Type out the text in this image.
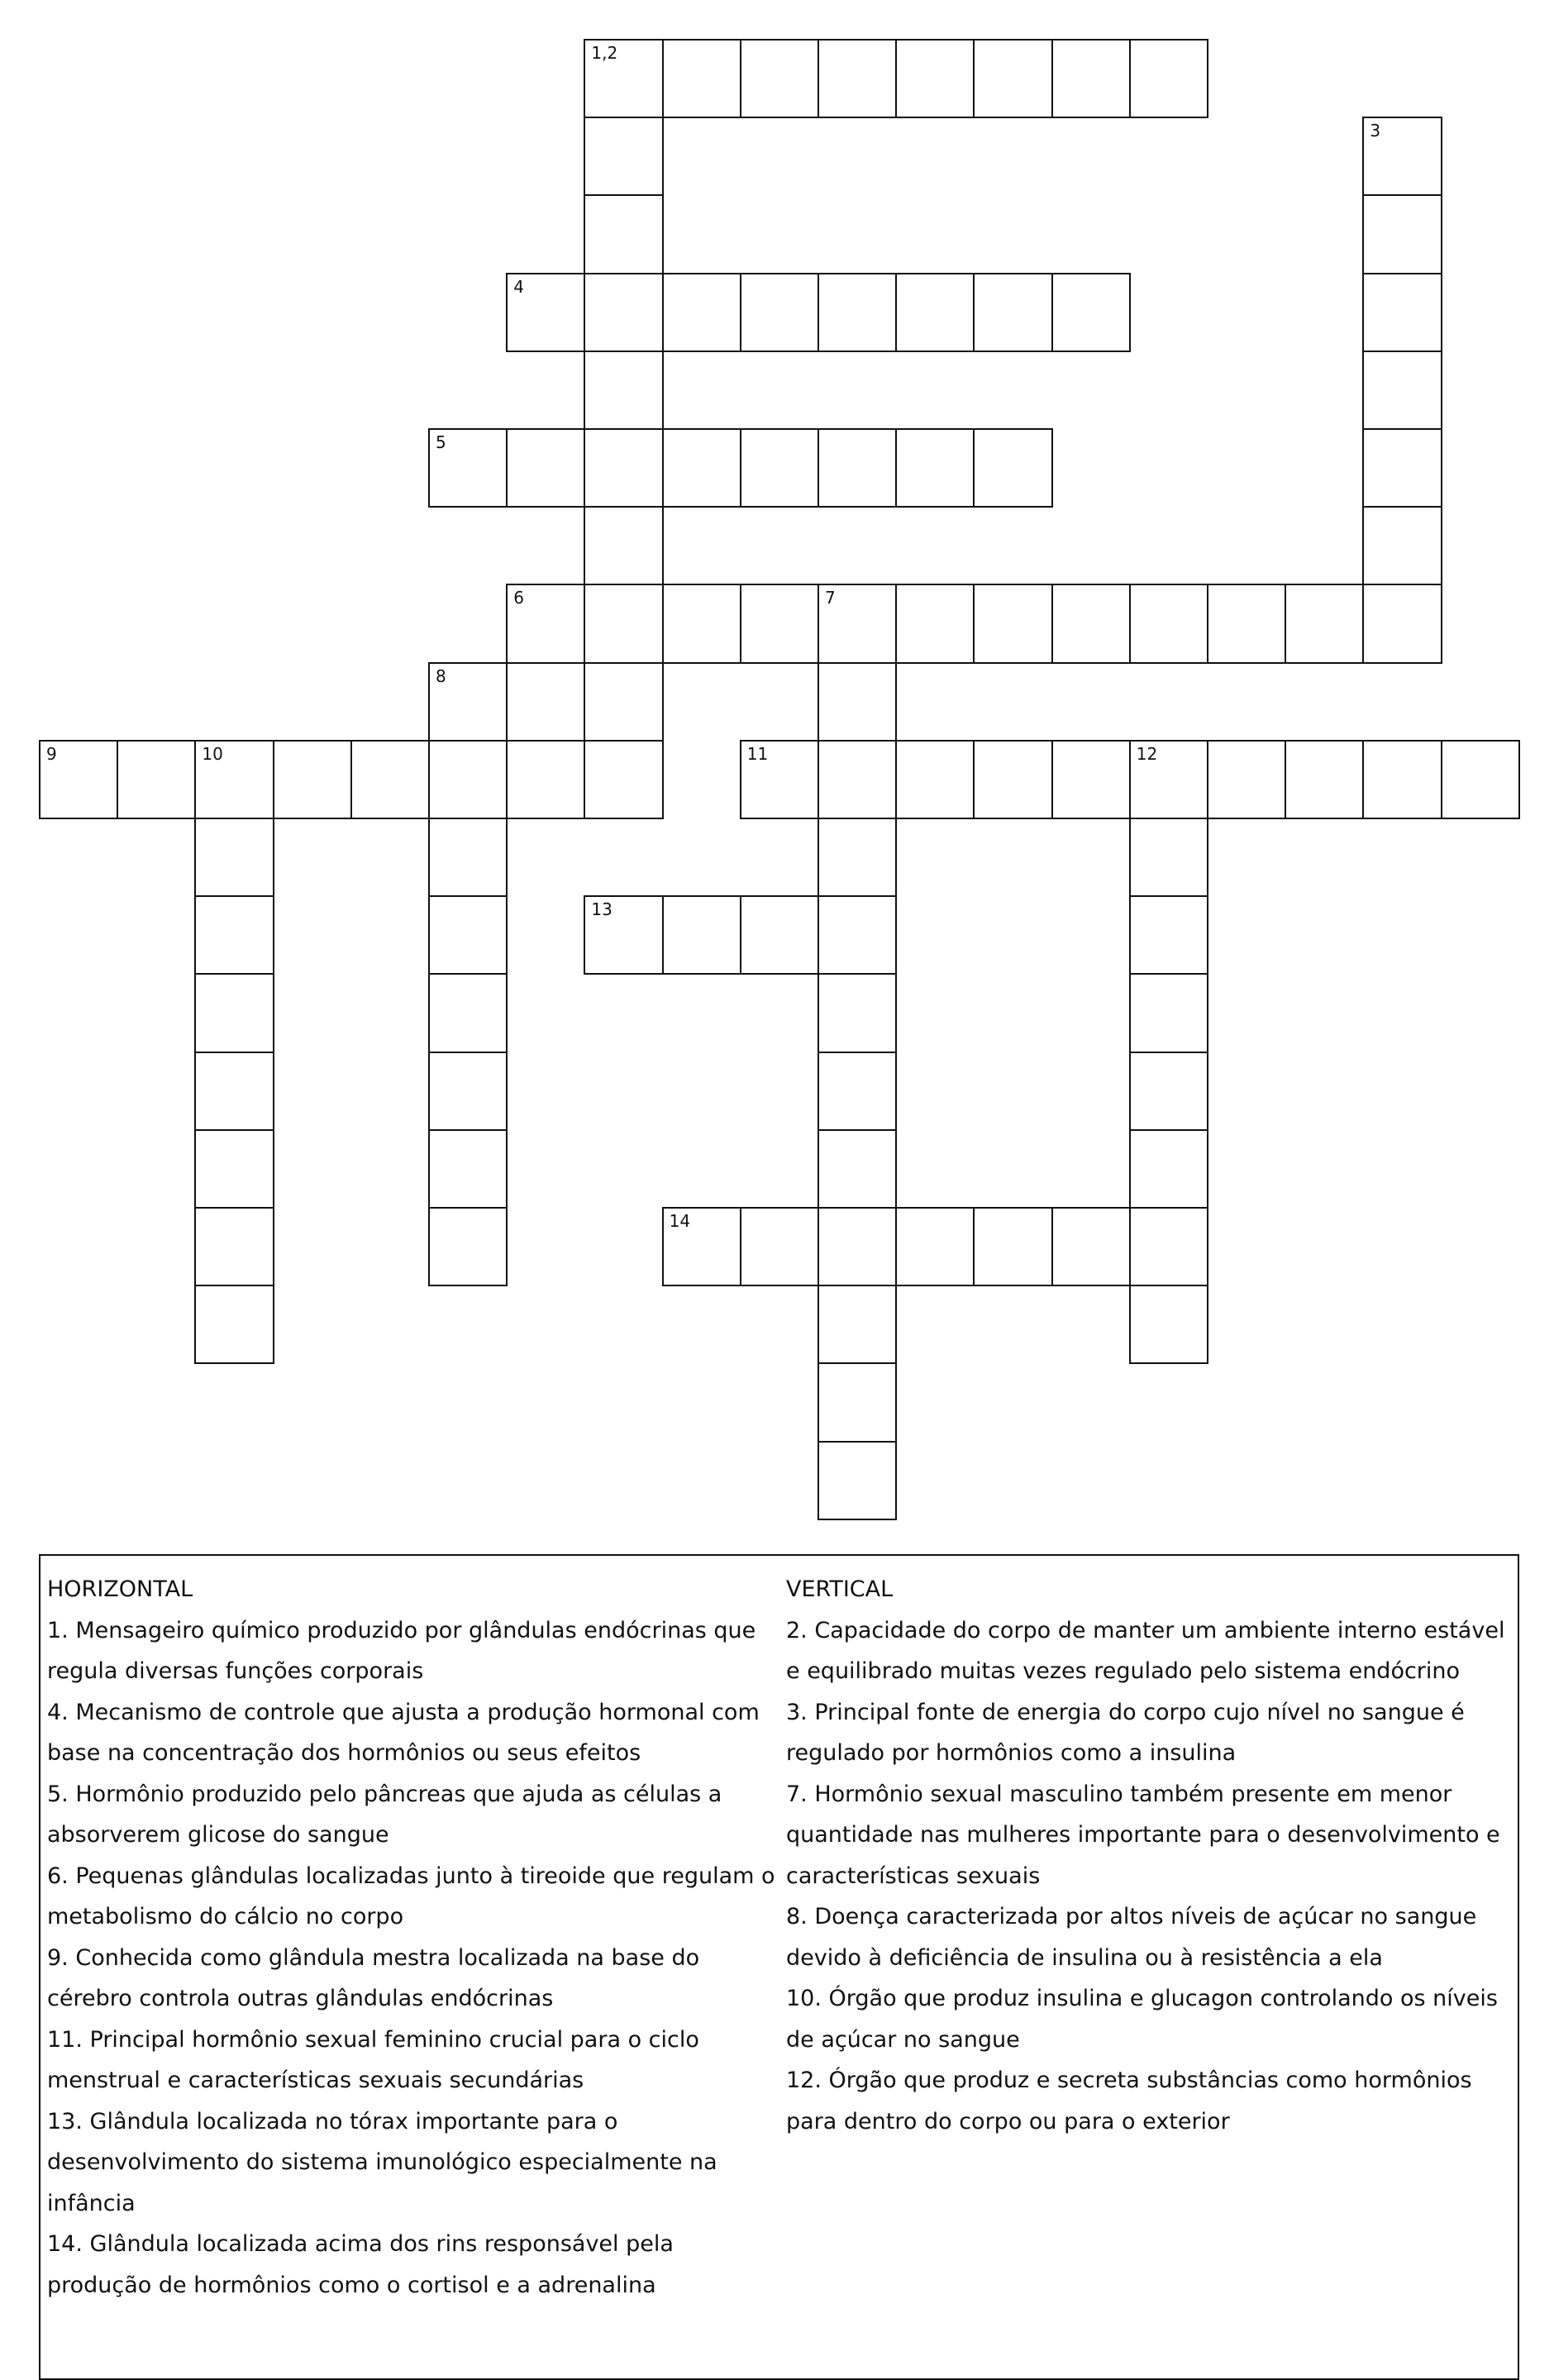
1,2
3
4
5
6	7
8
9	10	11	12
13
14

HORIZONTAL

1. Mensageiro químico produzido por glândulas endócrinas que regula diversas funções corporais

4. Mecanismo de controle que ajusta a produção hormonal com base na concentração dos hormônios ou seus efeitos

5. Hormônio produzido pelo pâncreas que ajuda as células a absorverem glicose do sangue

6. Pequenas glândulas localizadas junto à tireoide que regulam o metabolismo do cálcio no corpo

9. Conhecida como glândula mestra localizada na base do cérebro controla outras glândulas endócrinas

11. Principal hormônio sexual feminino crucial para o ciclo menstrual e características sexuais secundárias

13. Glândula localizada no tórax importante para o desenvolvimento do sistema imunológico especialmente na infância

14. Glândula localizada acima dos rins responsável pela produção de hormônios como o cortisol e a adrenalina

VERTICAL

2. Capacidade do corpo de manter um ambiente interno estável e equilibrado muitas vezes regulado pelo sistema endócrino

3. Principal fonte de energia do corpo cujo nível no sangue é regulado por hormônios como a insulina

7. Hormônio sexual masculino também presente em menor quantidade nas mulheres importante para o desenvolvimento e características sexuais

8. Doença caracterizada por altos níveis de açúcar no sangue devido à deficiência de insulina ou à resistência a ela

10. Órgão que produz insulina e glucagon controlando os níveis de açúcar no sangue

12. Órgão que produz e secreta substâncias como hormônios para dentro do corpo ou para o exterior
